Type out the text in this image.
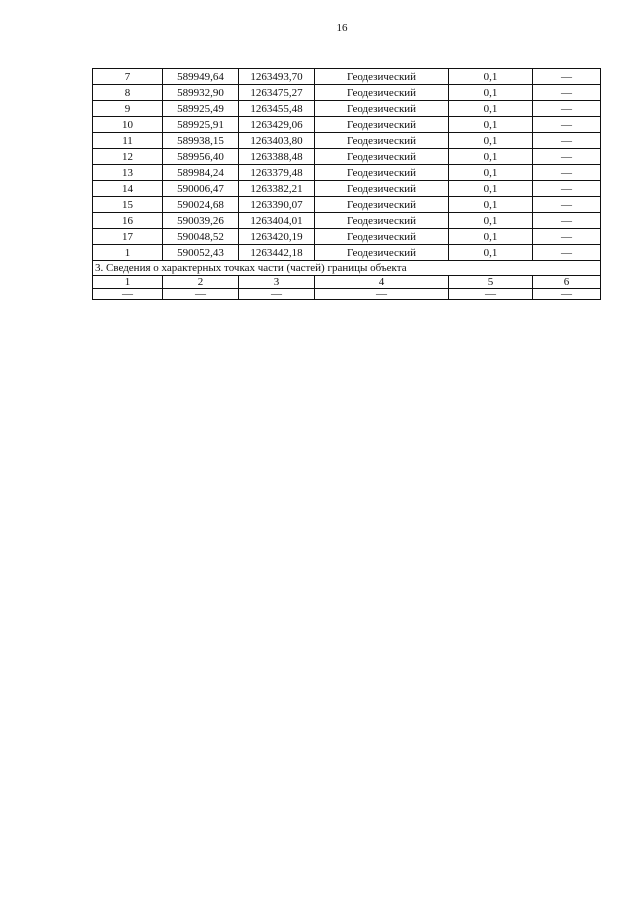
16
7	589949,64	1263493,70	Геодезический	0,1	—
8	589932,90	1263475,27	Геодезический	0,1	—
9	589925,49	1263455,48	Геодезический	0,1	—
10	589925,91	1263429,06	Геодезический	0,1	—
11	589938,15	1263403,80	Геодезический	0,1	—
12	589956,40	1263388,48	Геодезический	0,1	—
13	589984,24	1263379,48	Геодезический	0,1	—
14	590006,47	1263382,21	Геодезический	0,1	—
15	590024,68	1263390,07	Геодезический	0,1	—
16	590039,26	1263404,01	Геодезический	0,1	—
17	590048,52	1263420,19	Геодезический	0,1	—
1	590052,43	1263442,18	Геодезический	0,1	—
3. Сведения о характерных точках части (частей) границы объекта					
1	2	3	4	5	6
—	—	—	—	—	—
